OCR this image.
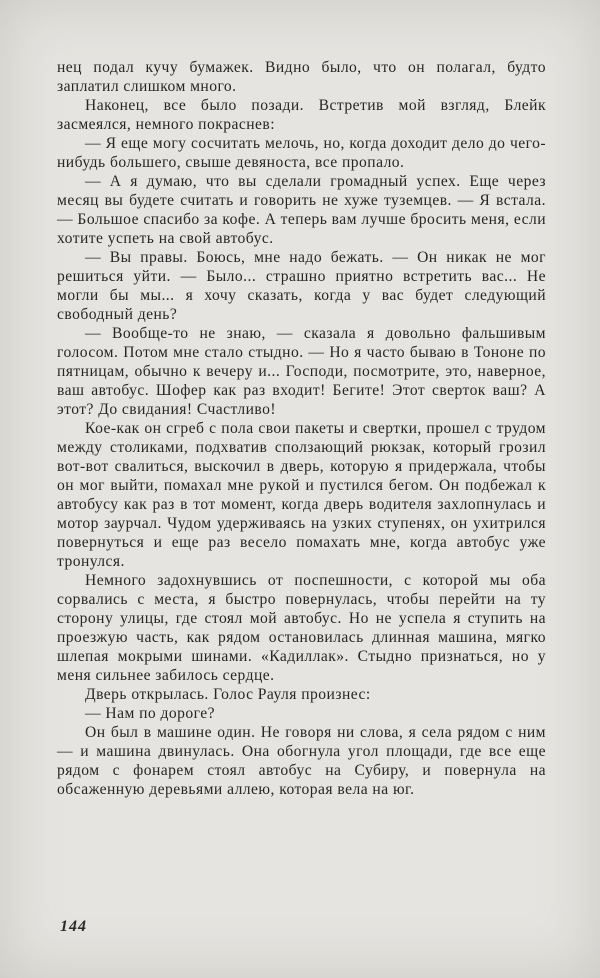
нец подал кучу бумажек. Видно было, что он полагал, будто заплатил слишком много.

Наконец, все было позади. Встретив мой взгляд, Блейк засмеялся, немного покраснев:

— Я еще могу сосчитать мелочь, но, когда доходит дело до чего-нибудь большего, свыше девяноста, все пропало.

— А я думаю, что вы сделали громадный успех. Еще через месяц вы будете считать и говорить не хуже туземцев. — Я встала. — Большое спасибо за кофе. А теперь вам лучше бросить меня, если хотите успеть на свой автобус.

— Вы правы. Боюсь, мне надо бежать. — Он никак не мог решиться уйти. — Было... страшно приятно встретить вас... Не могли бы мы... я хочу сказать, когда у вас будет следующий свободный день?

— Вообще-то не знаю, — сказала я довольно фальшивым голосом. Потом мне стало стыдно. — Но я часто бываю в Тононе по пятницам, обычно к вечеру и... Господи, посмотрите, это, наверное, ваш автобус. Шофер как раз входит! Бегите! Этот сверток ваш? А этот? До свидания! Счастливо!

Кое-как он сгреб с пола свои пакеты и свертки, прошел с трудом между столиками, подхватив сползающий рюкзак, который грозил вот-вот свалиться, выскочил в дверь, которую я придержала, чтобы он мог выйти, помахал мне рукой и пустился бегом. Он подбежал к автобусу как раз в тот момент, когда дверь водителя захлопнулась и мотор заурчал. Чудом удерживаясь на узких ступенях, он ухитрился повернуться и еще раз весело помахать мне, когда автобус уже тронулся.

Немного задохнувшись от поспешности, с которой мы оба сорвались с места, я быстро повернулась, чтобы перейти на ту сторону улицы, где стоял мой автобус. Но не успела я ступить на проезжую часть, как рядом остановилась длинная машина, мягко шлепая мокрыми шинами. «Кадиллак». Стыдно признаться, но у меня сильнее забилось сердце.

Дверь открылась. Голос Рауля произнес:

— Нам по дороге?

Он был в машине один. Не говоря ни слова, я села рядом с ним — и машина двинулась. Она обогнула угол площади, где все еще рядом с фонарем стоял автобус на Субиру, и повернула на обсаженную деревьями аллею, которая вела на юг.

144
